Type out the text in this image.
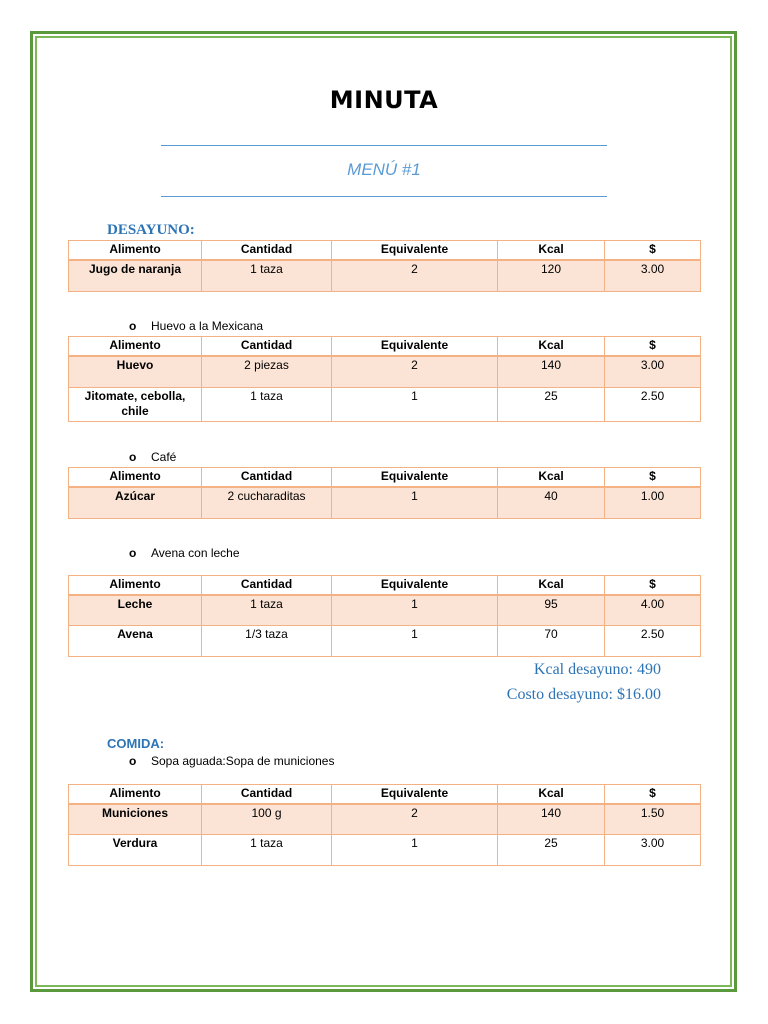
MINUTA
MENÚ #1
DESAYUNO:
Alimento	Cantidad	Equivalente	Kcal	$
Jugo de naranja	1 taza	2	120	3.00
o Huevo a la Mexicana
Alimento	Cantidad	Equivalente	Kcal	$
Huevo	2 piezas	2	140	3.00
Jitomate, cebolla, chile	1 taza	1	25	2.50
o Café
Alimento	Cantidad	Equivalente	Kcal	$
Azúcar	2 cucharaditas	1	40	1.00
o Avena con leche
Alimento	Cantidad	Equivalente	Kcal	$
Leche	1 taza	1	95	4.00
Avena	1/3 taza	1	70	2.50
Kcal desayuno: 490
Costo desayuno: $16.00
COMIDA:
o Sopa aguada:Sopa de municiones
Alimento	Cantidad	Equivalente	Kcal	$
Municiones	100 g	2	140	1.50
Verdura	1 taza	1	25	3.00
